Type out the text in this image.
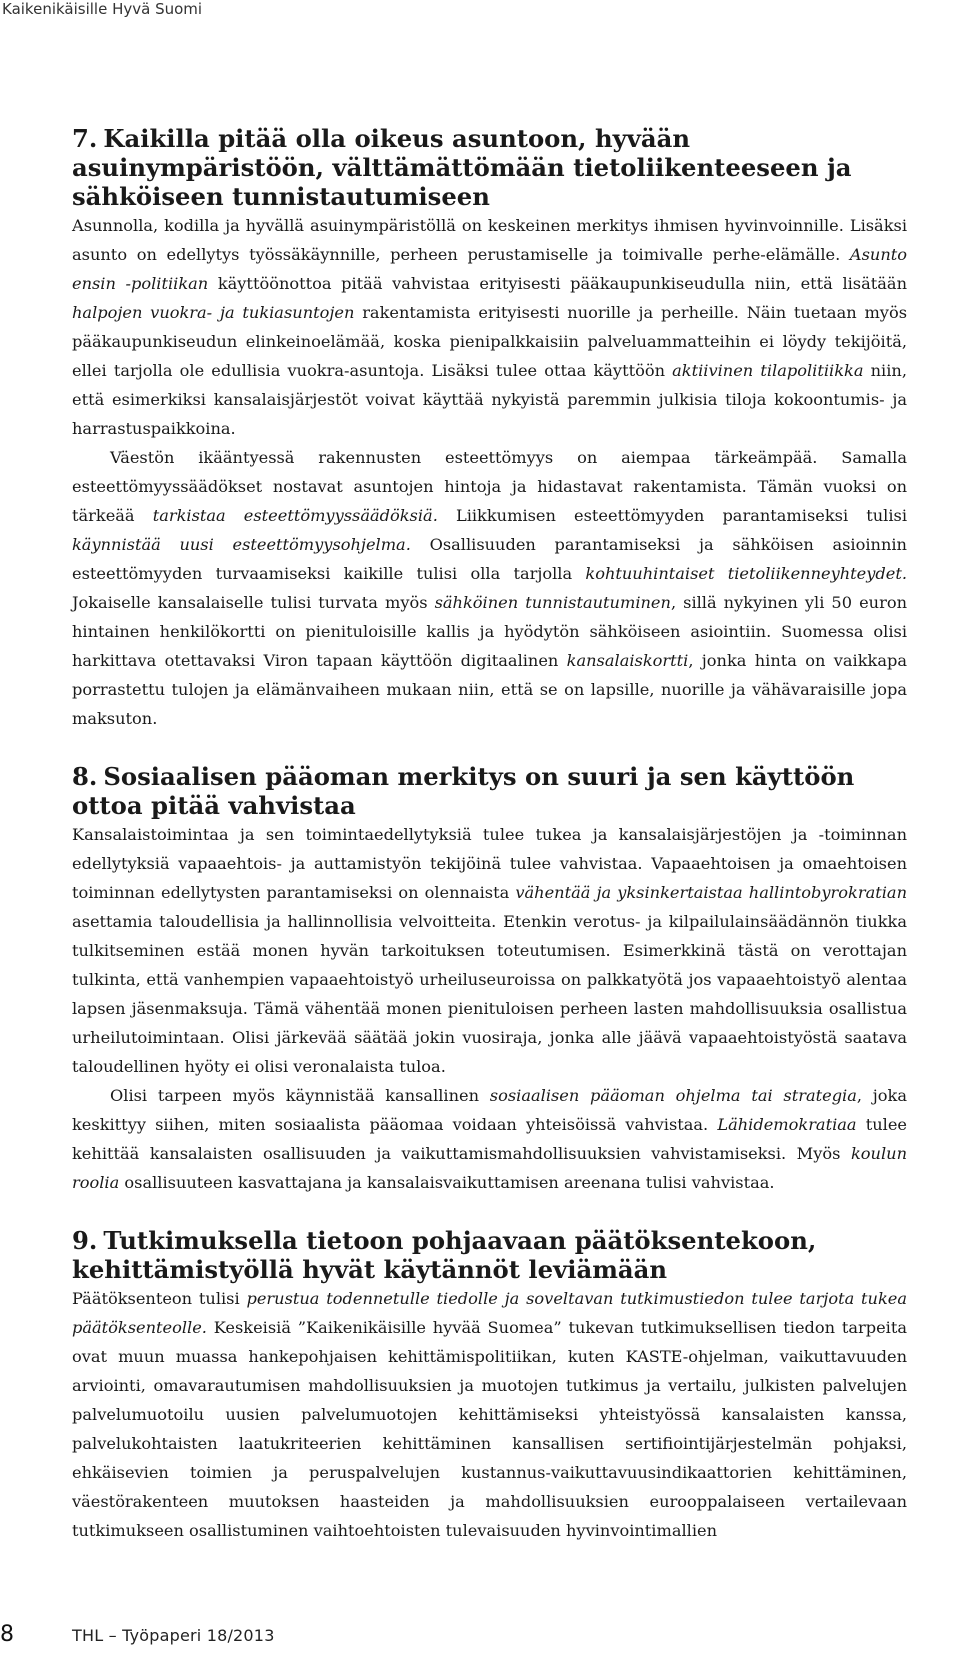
Kaikenikäisille Hyvä Suomi
7. Kaikilla pitää olla oikeus asuntoon, hyvään asuinympäristöön, välttämättömään tietoliikenteeseen ja sähköiseen tunnistautumiseen

Asunnolla, kodilla ja hyvällä asuinympäristöllä on keskeinen merkitys ihmisen hyvinvoinnille. Lisäksi asunto on edellytys työssäkäynnille, perheen perustamiselle ja toimivalle perhe-elämälle. Asunto ensin -politiikan käyttöönottoa pitää vahvistaa erityisesti pääkaupunkiseudulla niin, että lisätään halpojen vuokra- ja tukiasuntojen rakentamista erityisesti nuorille ja perheille. Näin tuetaan myös pääkaupunkiseudun elinkeinoelämää, koska pienipalkkaisiin palveluammatteihin ei löydy tekijöitä, ellei tarjolla ole edullisia vuokra-asuntoja. Lisäksi tulee ottaa käyttöön aktiivinen tilapolitiikka niin, että esimerkiksi kansalaisjärjestöt voivat käyttää nykyistä paremmin julkisia tiloja kokoontumis- ja harrastuspaikkoina.

Väestön ikääntyessä rakennusten esteettömyys on aiempaa tärkeämpää. Samalla esteettömyyssäädökset nostavat asuntojen hintoja ja hidastavat rakentamista. Tämän vuoksi on tärkeää tarkistaa esteettömyyssäädöksiä. Liikkumisen esteettömyyden parantamiseksi tulisi käynnistää uusi esteettömyysohjelma. Osallisuuden parantamiseksi ja sähköisen asioinnin esteettömyyden turvaamiseksi kaikille tulisi olla tarjolla kohtuuhintaiset tietoliikenneyhteydet. Jokaiselle kansalaiselle tulisi turvata myös sähköinen tunnistautuminen, sillä nykyinen yli 50 euron hintainen henkilökortti on pienituloisille kallis ja hyödytön sähköiseen asiointiin. Suomessa olisi harkittava otettavaksi Viron tapaan käyttöön digitaalinen kansalaiskortti, jonka hinta on vaikkapa porrastettu tulojen ja elämänvaiheen mukaan niin, että se on lapsille, nuorille ja vähävaraisille jopa maksuton.

8. Sosiaalisen pääoman merkitys on suuri ja sen käyttöön ottoa pitää vahvistaa

Kansalaistoimintaa ja sen toimintaedellytyksiä tulee tukea ja kansalaisjärjestöjen ja -toiminnan edellytyksiä vapaaehtois- ja auttamistyön tekijöinä tulee vahvistaa. Vapaaehtoisen ja omaehtoisen toiminnan edellytysten parantamiseksi on olennaista vähentää ja yksinkertaistaa hallintobyrokratian asettamia taloudellisia ja hallinnollisia velvoitteita. Etenkin verotus- ja kilpailulainsäädännön tiukka tulkitseminen estää monen hyvän tarkoituksen toteutumisen. Esimerkkinä tästä on verottajan tulkinta, että vanhempien vapaaehtoistyö urheiluseuroissa on palkkatyötä jos vapaaehtoistyö alentaa lapsen jäsenmaksuja. Tämä vähentää monen pienituloisen perheen lasten mahdollisuuksia osallistua urheilutoimintaan. Olisi järkevää säätää jokin vuosiraja, jonka alle jäävä vapaaehtoistyöstä saatava taloudellinen hyöty ei olisi veronalaista tuloa.

Olisi tarpeen myös käynnistää kansallinen sosiaalisen pääoman ohjelma tai strategia, joka keskittyy siihen, miten sosiaalista pääomaa voidaan yhteisöissä vahvistaa. Lähidemokratiaa tulee kehittää kansalaisten osallisuuden ja vaikuttamismahdollisuuksien vahvistamiseksi. Myös koulun roolia osallisuuteen kasvattajana ja kansalaisvaikuttamisen areenana tulisi vahvistaa.

9. Tutkimuksella tietoon pohjaavaan päätöksentekoon, kehittämistyöllä hyvät käytännöt leviämään

Päätöksenteon tulisi perustua todennetulle tiedolle ja soveltavan tutkimustiedon tulee tarjota tukea päätöksenteolle. Keskeisiä ”Kaikenikäisille hyvää Suomea” tukevan tutkimuksellisen tiedon tarpeita ovat muun muassa hankepohjaisen kehittämispolitiikan, kuten KASTE-ohjelman, vaikuttavuuden arviointi, omavarautumisen mahdollisuuksien ja muotojen tutkimus ja vertailu, julkisten palvelujen palvelumuotoilu uusien palvelumuotojen kehittämiseksi yhteistyössä kansalaisten kanssa, palvelukohtaisten laatukriteerien kehittäminen kansallisen sertifiointijärjestelmän pohjaksi, ehkäisevien toimien ja peruspalvelujen kustannus-vaikuttavuusindikaattorien kehittäminen, väestörakenteen muutoksen haasteiden ja mahdollisuuksien eurooppalaiseen vertailevaan tutkimukseen osallistuminen vaihtoehtoisten tulevaisuuden hyvinvointimallien

8	THL – Työpaperi 18/2013
